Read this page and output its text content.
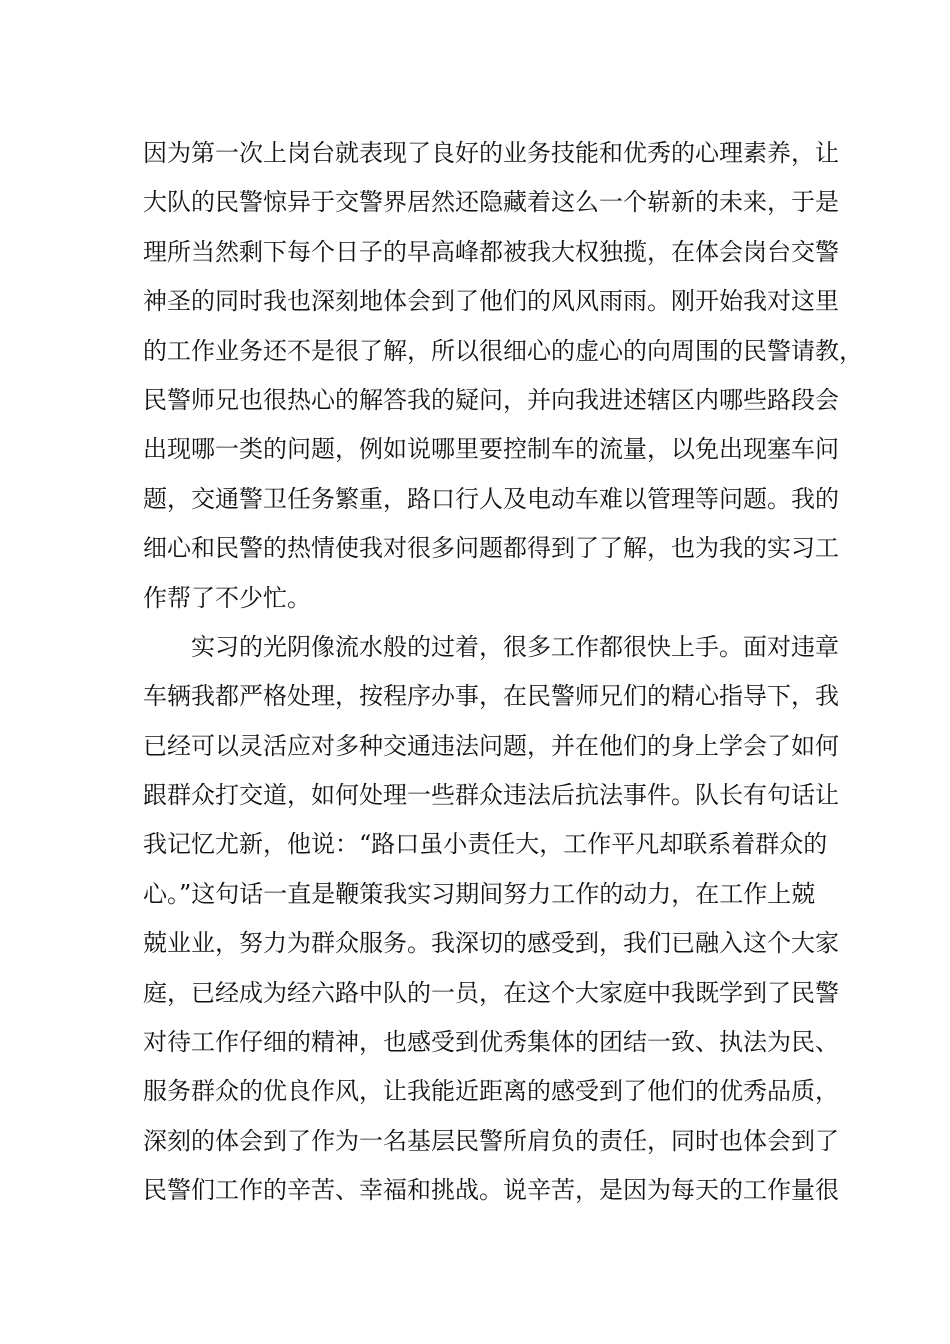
因为第一次上岗台就表现了良好的业务技能和优秀的心理素养，让
大队的民警惊异于交警界居然还隐藏着这么一个崭新的未来，于是
理所当然剩下每个日子的早高峰都被我大权独揽，在体会岗台交警
神圣的同时我也深刻地体会到了他们的风风雨雨。刚开始我对这里
的工作业务还不是很了解，所以很细心的虚心的向周围的民警请教，
民警师兄也很热心的解答我的疑问，并向我进述辖区内哪些路段会
出现哪一类的问题，例如说哪里要控制车的流量，以免出现塞车问
题，交通警卫任务繁重，路口行人及电动车难以管理等问题。我的
细心和民警的热情使我对很多问题都得到了了解，也为我的实习工
作帮了不少忙。
实习的光阴像流水般的过着，很多工作都很快上手。面对违章
车辆我都严格处理，按程序办事，在民警师兄们的精心指导下，我
已经可以灵活应对多种交通违法问题，并在他们的身上学会了如何
跟群众打交道，如何处理一些群众违法后抗法事件。队长有句话让
我记忆尤新，他说：“路口虽小责任大，工作平凡却联系着群众的
心。”这句话一直是鞭策我实习期间努力工作的动力，在工作上兢
兢业业，努力为群众服务。我深切的感受到，我们已融入这个大家
庭，已经成为经六路中队的一员，在这个大家庭中我既学到了民警
对待工作仔细的精神，也感受到优秀集体的团结一致、执法为民、
服务群众的优良作风，让我能近距离的感受到了他们的优秀品质，
深刻的体会到了作为一名基层民警所肩负的责任，同时也体会到了
民警们工作的辛苦、幸福和挑战。说辛苦，是因为每天的工作量很
